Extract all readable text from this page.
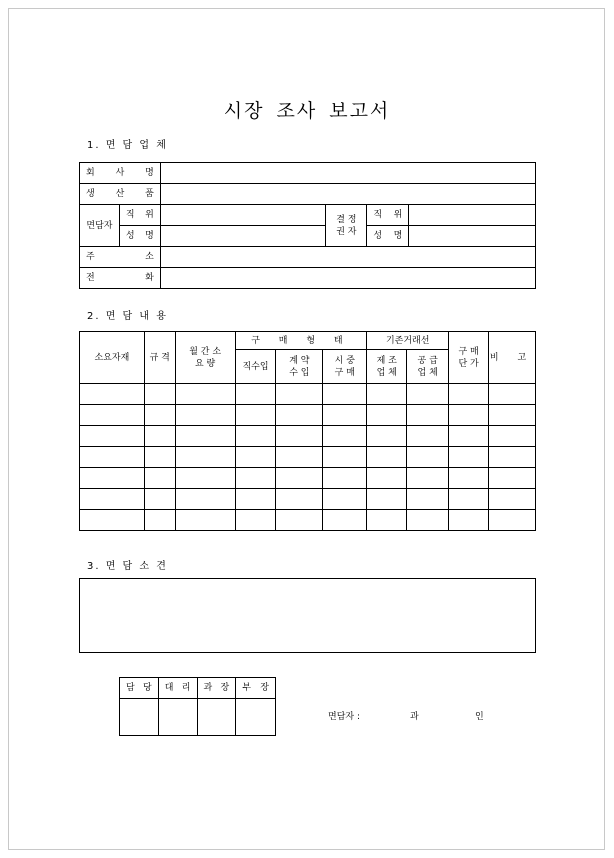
시장 조사 보고서
1. 면 담 업 체
회 사 명					
생 산 품					
면담자	직 위		결 정 권 자	직 위	
	성 명			성 명	
주 소					
전 화					
2. 면 담 내 용
소요자재	규 격	월 간 소 요 량	구 매 형 태			기존거래선		구 매 단 가	비 고
			직수입	계 약 수 입	시 중 구 매	제 조 업 체	공 급 업 체		

3. 면 담 소 견
담 당	대 리	과 장	부 장

면담자 :	과	인
